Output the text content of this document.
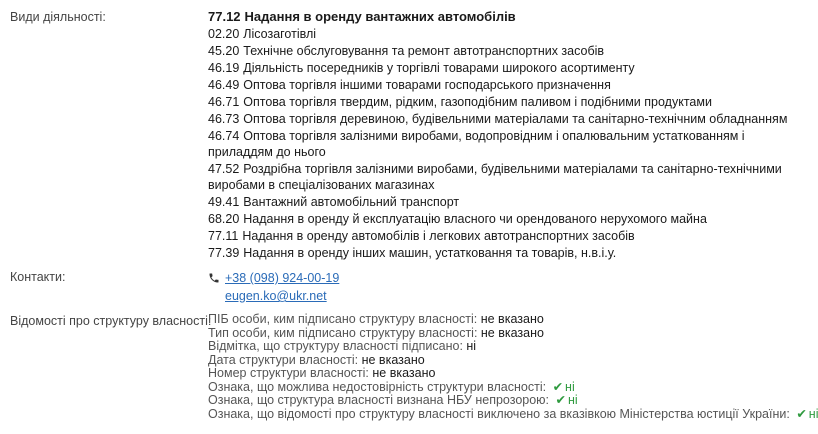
Види діяльності:	77.12 Надання в оренду вантажних автомобілів
02.20 Лісозаготівлі
45.20 Технічне обслуговування та ремонт автотранспортних засобів
46.19 Діяльність посередників у торгівлі товарами широкого асортименту
46.49 Оптова торгівля іншими товарами господарського призначення
46.71 Оптова торгівля твердим, рідким, газоподібним паливом і подібними продуктами
46.73 Оптова торгівля деревиною, будівельними матеріалами та санітарно-технічним обладнанням
46.74 Оптова торгівля залізними виробами, водопровідним і опалювальним устаткованням і приладдям до нього
47.52 Роздрібна торгівля залізними виробами, будівельними матеріалами та санітарно-технічними виробами в спеціалізованих магазинах
49.41 Вантажний автомобільний транспорт
68.20 Надання в оренду й експлуатацію власного чи орендованого нерухомого майна
77.11 Надання в оренду автомобілів і легкових автотранспортних засобів
77.39 Надання в оренду інших машин, устатковання та товарів, н.в.і.у.
Контакти:	+38 (098) 924-00-19
eugen.ko@ukr.net
Відомості про структуру власності:
ПІБ особи, ким підписано структуру власності: не вказано
Тип особи, ким підписано структуру власності: не вказано
Відмітка, що структуру власності підписано: ні
Дата структури власності: не вказано
Номер структури власності: не вказано
Ознака, що можлива недостовірність структури власності: ✔ ні
Ознака, що структура власності визнана НБУ непрозорою: ✔ ні
Ознака, що відомості про структуру власності виключено за вказівкою Міністерства юстиції України: ✔ ні
